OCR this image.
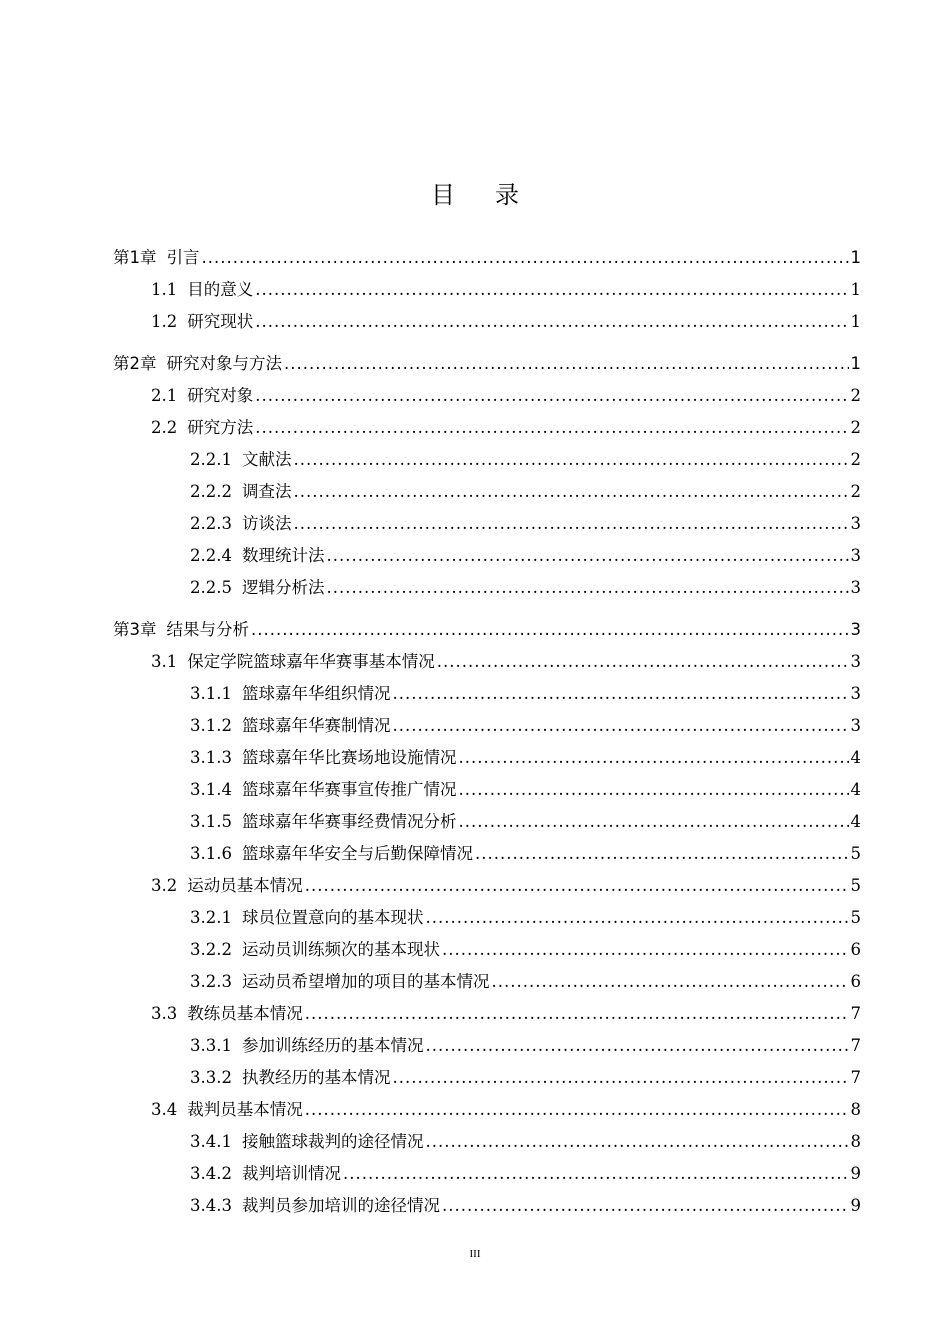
目录
第1章 引言 .....	1
1.1 目的意义 .....	1
1.2 研究现状 .....	1
第2章 研究对象与方法 .....	1
2.1 研究对象 .....	2
2.2 研究方法 .....	2
2.2.1 文献法 .....	2
2.2.2 调查法 .....	2
2.2.3 访谈法 .....	3
2.2.4 数理统计法 .....	3
2.2.5 逻辑分析法 .....	3
第3章 结果与分析 .....	3
3.1 保定学院篮球嘉年华赛事基本情况 .....	3
3.1.1 篮球嘉年华组织情况 .....	3
3.1.2 篮球嘉年华赛制情况 .....	3
3.1.3 篮球嘉年华比赛场地设施情况 .....	4
3.1.4 篮球嘉年华赛事宣传推广情况 .....	4
3.1.5 篮球嘉年华赛事经费情况分析 .....	4
3.1.6 篮球嘉年华安全与后勤保障情况 .....	5
3.2 运动员基本情况 .....	5
3.2.1 球员位置意向的基本现状 .....	5
3.2.2 运动员训练频次的基本现状 .....	6
3.2.3 运动员希望增加的项目的基本情况 .....	6
3.3 教练员基本情况 .....	7
3.3.1 参加训练经历的基本情况 .....	7
3.3.2 执教经历的基本情况 .....	7
3.4 裁判员基本情况 .....	8
3.4.1 接触篮球裁判的途径情况 .....	8
3.4.2 裁判培训情况 .....	9
3.4.3 裁判员参加培训的途径情况 .....	9
III
